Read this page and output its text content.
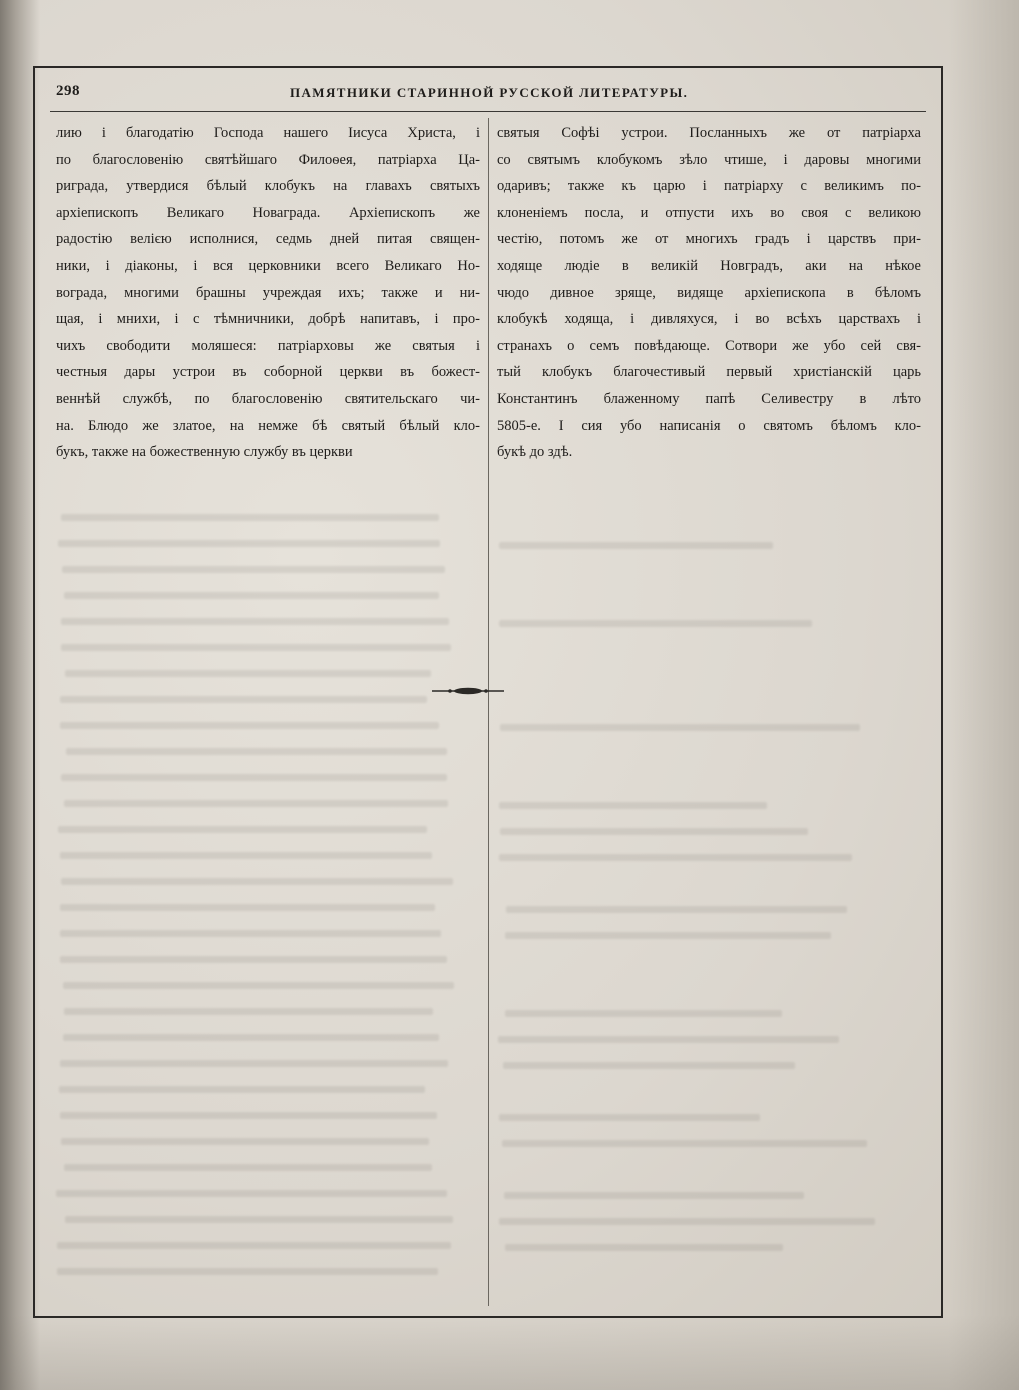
298	ПАМЯТНИКИ СТАРИННОЙ РУССКОЙ ЛИТЕРАТУРЫ.
лию і благодатію Господа нашего Іисуса Христа, і
по благословенію святѣйшаго Филоѳея, патріарха Ца-
риграда, утвердися бѣлый клобукъ на главахъ святыхъ
архіепископъ Великаго Новаграда. Архіепископъ же
радостію велією исполнися, седмь дней питая священ-
ники, і діаконы, і вся церковники всего Великаго Но-
вограда, многими брашны учреждая ихъ; также и ни-
щая, і мнихи, і с тѣмничники, добрѣ напитавъ, і про-
чихъ свободити моляшеся: патріарховы же святыя і
честныя дары устрои въ соборной церкви въ божест-
веннѣй службѣ, по благословенію святительскаго чи-
на. Блюдо же златое, на немже бѣ святый бѣлый кло-
букъ, также на божественную службу въ церкви
святыя Софѣі устрои. Посланныхъ же от патріарха
со святымъ клобукомъ зѣло чтише, і даровы многими
одаривъ; также къ царю і патріарху с великимъ по-
клоненіемъ посла, и отпусти ихъ во своя с великою
честію, потомъ же от многихъ градъ і царствъ при-
ходяще людіе в великій Новградъ, аки на нѣкое
чюдо дивное зряще, видяще архіепископа в бѣломъ
клобукѣ ходяща, і дивляхуся, і во всѣхъ царствахъ і
странахъ о семъ повѣдающе. Сотвори же убо сей свя-
тый клобукъ благочестивый первый христіанскій царь
Константинъ блаженному папѣ Селивестру в лѣто
5805-е. І сия убо написанія о святомъ бѣломъ кло-
букѣ до здѣ.
